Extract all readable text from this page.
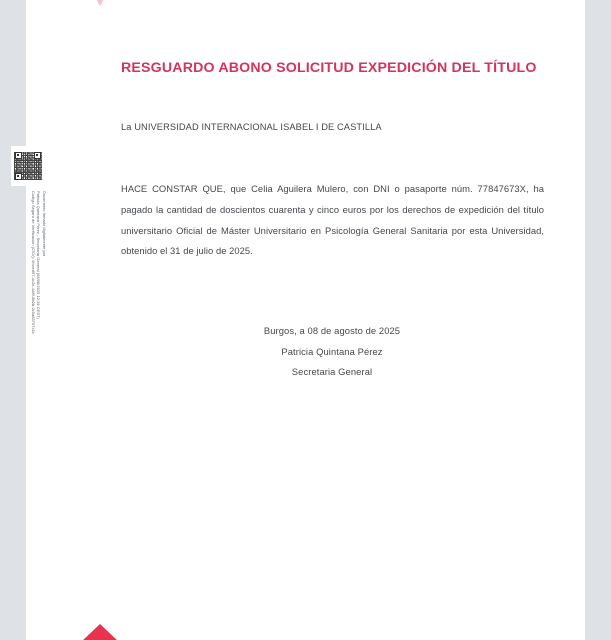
RESGUARDO ABONO SOLICITUD EXPEDICIÓN DEL TÍTULO
La UNIVERSIDAD INTERNACIONAL ISABEL I DE CASTILLA
HACE CONSTAR QUE, que Celia Aguilera Mulero, con DNI o pasaporte núm. 77847673X, ha pagado la cantidad de doscientos cuarenta y cinco euros por los derechos de expedición del título universitario Oficial de Máster Universitario en Psicología General Sanitaria por esta Universidad, obtenido el 31 de julio de 2025.
Burgos, a 08 de agosto de 2025
Patricia Quintana Pérez
Secretaria General
Documento firmado digitalmente por
Patricia Quintana Pérez - Secretaria General (08/08/2025 12:36 CEST)
Código Seguro de Verificación (CSV): 4fcced97-4c2e-4d8f-8b2b-0c5a8370741c
